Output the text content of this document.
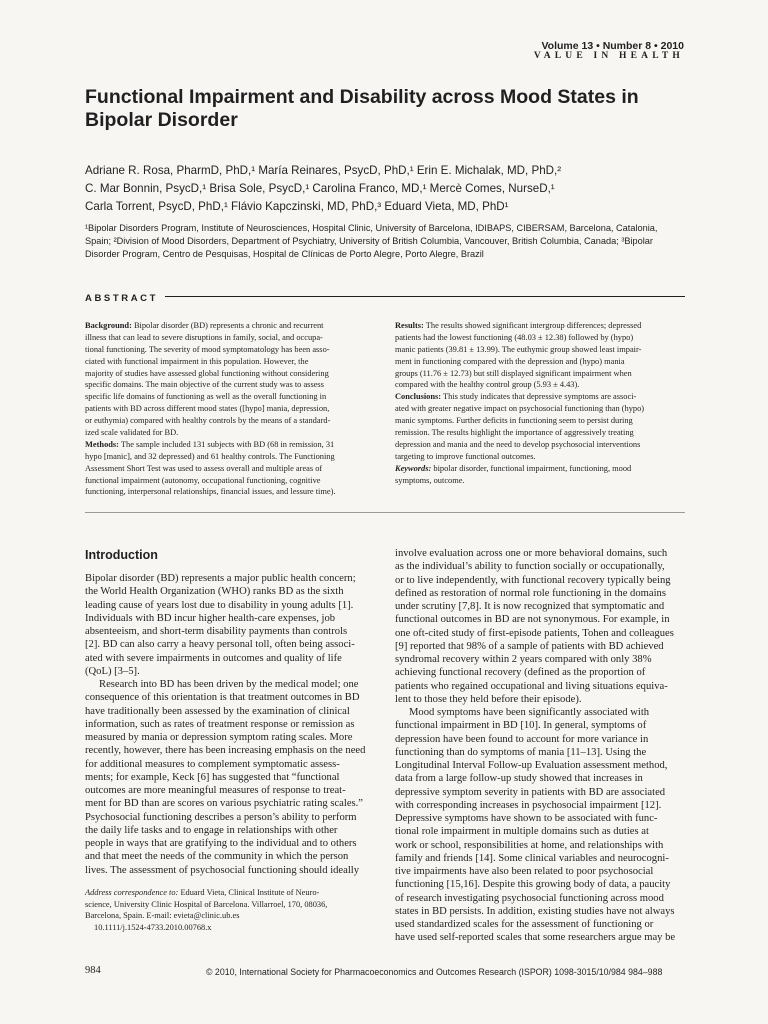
Volume 13 • Number 8 • 2010
VALUE IN HEALTH
Functional Impairment and Disability across Mood States in
Bipolar Disorder
Adriane R. Rosa, PharmD, PhD,¹ María Reinares, PsycD, PhD,¹ Erin E. Michalak, MD, PhD,²
C. Mar Bonnin, PsycD,¹ Brisa Sole, PsycD,¹ Carolina Franco, MD,¹ Mercè Comes, NurseD,¹
Carla Torrent, PsycD, PhD,¹ Flávio Kapczinski, MD, PhD,³ Eduard Vieta, MD, PhD¹
¹Bipolar Disorders Program, Institute of Neurosciences, Hospital Clinic, University of Barcelona, IDIBAPS, CIBERSAM, Barcelona, Catalonia,
Spain; ²Division of Mood Disorders, Department of Psychiatry, University of British Columbia, Vancouver, British Columbia, Canada; ³Bipolar
Disorder Program, Centro de Pesquisas, Hospital de Clínicas de Porto Alegre, Porto Alegre, Brazil
ABSTRACT
Background: Bipolar disorder (BD) represents a chronic and recurrent
illness that can lead to severe disruptions in family, social, and occupa-
tional functioning. The severity of mood symptomatology has been asso-
ciated with functional impairment in this population. However, the
majority of studies have assessed global functioning without considering
specific domains. The main objective of the current study was to assess
specific life domains of functioning as well as the overall functioning in
patients with BD across different mood states ([hypo] mania, depression,
or euthymia) compared with healthy controls by the means of a standard-
ized scale validated for BD.
Methods: The sample included 131 subjects with BD (68 in remission, 31
hypo [manic], and 32 depressed) and 61 healthy controls. The Functioning
Assessment Short Test was used to assess overall and multiple areas of
functional impairment (autonomy, occupational functioning, cognitive
functioning, interpersonal relationships, financial issues, and lessure time).
Results: The results showed significant intergroup differences; depressed
patients had the lowest functioning (48.03 ± 12.38) followed by (hypo)
manic patients (39.81 ± 13.99). The euthymic group showed least impair-
ment in functioning compared with the depression and (hypo) mania
groups (11.76 ± 12.73) but still displayed significant impairment when
compared with the healthy control group (5.93 ± 4.43).
Conclusions: This study indicates that depressive symptoms are associ-
ated with greater negative impact on psychosocial functioning than (hypo)
manic symptoms. Further deficits in functioning seem to persist during
remission. The results highlight the importance of aggressively treating
depression and mania and the need to develop psychosocial interventions
targeting to improve functional outcomes.
Keywords: bipolar disorder, functional impairment, functioning, mood
symptoms, outcome.
Introduction
Bipolar disorder (BD) represents a major public health concern;
the World Health Organization (WHO) ranks BD as the sixth
leading cause of years lost due to disability in young adults [1].
Individuals with BD incur higher health-care expenses, job
absenteeism, and short-term disability payments than controls
[2]. BD can also carry a heavy personal toll, often being associ-
ated with severe impairments in outcomes and quality of life
(QoL) [3–5].
Research into BD has been driven by the medical model; one
consequence of this orientation is that treatment outcomes in BD
have traditionally been assessed by the examination of clinical
information, such as rates of treatment response or remission as
measured by mania or depression symptom rating scales. More
recently, however, there has been increasing emphasis on the need
for additional measures to complement symptomatic assess-
ments; for example, Keck [6] has suggested that “functional
outcomes are more meaningful measures of response to treat-
ment for BD than are scores on various psychiatric rating scales.”
Psychosocial functioning describes a person’s ability to perform
the daily life tasks and to engage in relationships with other
people in ways that are gratifying to the individual and to others
and that meet the needs of the community in which the person
lives. The assessment of psychosocial functioning should ideally
involve evaluation across one or more behavioral domains, such
as the individual’s ability to function socially or occupationally,
or to live independently, with functional recovery typically being
defined as restoration of normal role functioning in the domains
under scrutiny [7,8]. It is now recognized that symptomatic and
functional outcomes in BD are not synonymous. For example, in
one oft-cited study of first-episode patients, Tohen and colleagues
[9] reported that 98% of a sample of patients with BD achieved
syndromal recovery within 2 years compared with only 38%
achieving functional recovery (defined as the proportion of
patients who regained occupational and living situations equiva-
lent to those they held before their episode).
Mood symptoms have been significantly associated with
functional impairment in BD [10]. In general, symptoms of
depression have been found to account for more variance in
functioning than do symptoms of mania [11–13]. Using the
Longitudinal Interval Follow-up Evaluation assessment method,
data from a large follow-up study showed that increases in
depressive symptom severity in patients with BD are associated
with corresponding increases in psychosocial impairment [12].
Depressive symptoms have shown to be associated with func-
tional role impairment in multiple domains such as duties at
work or school, responsibilities at home, and relationships with
family and friends [14]. Some clinical variables and neurocogni-
tive impairments have also been related to poor psychosocial
functioning [15,16]. Despite this growing body of data, a paucity
of research investigating psychosocial functioning across mood
states in BD persists. In addition, existing studies have not always
used standardized scales for the assessment of functioning or
have used self-reported scales that some researchers argue may be
Address correspondence to: Eduard Vieta, Clinical Institute of Neuro-
science, University Clinic Hospital of Barcelona. Villarroel, 170, 08036,
Barcelona, Spain. E-mail: evieta@clinic.ub.es
10.1111/j.1524-4733.2010.00768.x
984	© 2010, International Society for Pharmacoeconomics and Outcomes Research (ISPOR) 1098-3015/10/984 984–988
